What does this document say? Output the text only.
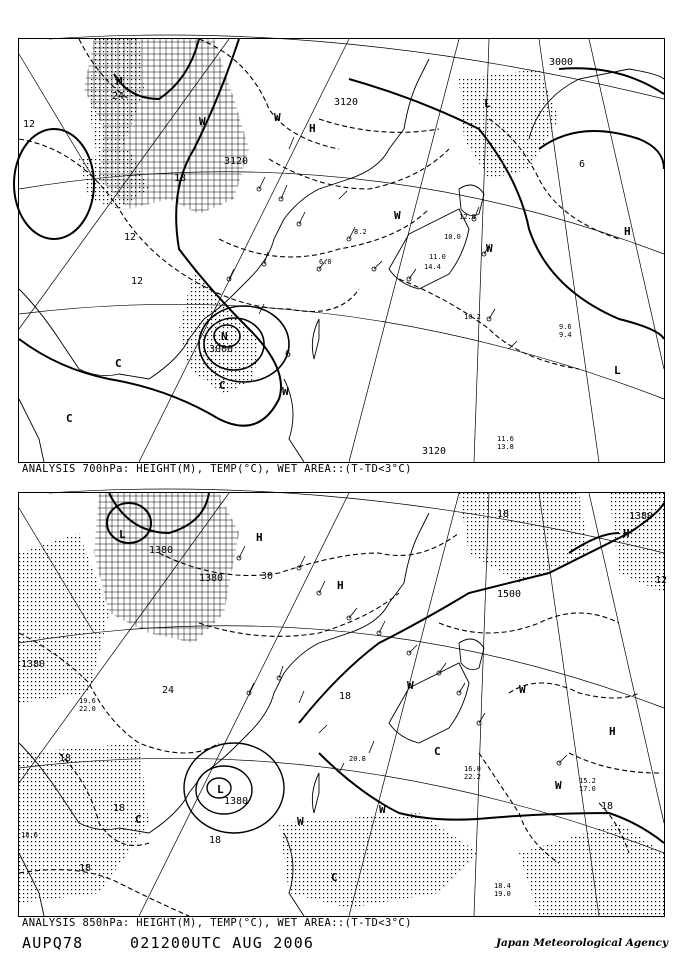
N
3000
3120
3120
3000
3120
12
18
24
12
12
6
6
H
L
W
C
W
C
L
C
W
H
W
W
M
11.6
13.8
9.6
9.4
10.2
10.0
11.0
14.4
12.0
6.0
8.2
ANALYSIS 700hPa: HEIGHT(M), TEMP(°C), WET AREA::(T-TD<3°C)
1500
1380
1380
1380
1380
1380
18
18
18
18
24
30	12
18
18
18
L	H
L
W
H
W
C
C
W
C
W
H
H
W
19.6
22.0
18.4
19.0
15.2
17.0
20.8
16.0
22.2
18.6
ANALYSIS 850hPa: HEIGHT(M), TEMP(°C), WET AREA::(T-TD<3°C)
AUPQ78	021200UTC AUG 2006	Japan Meteorological Agency
